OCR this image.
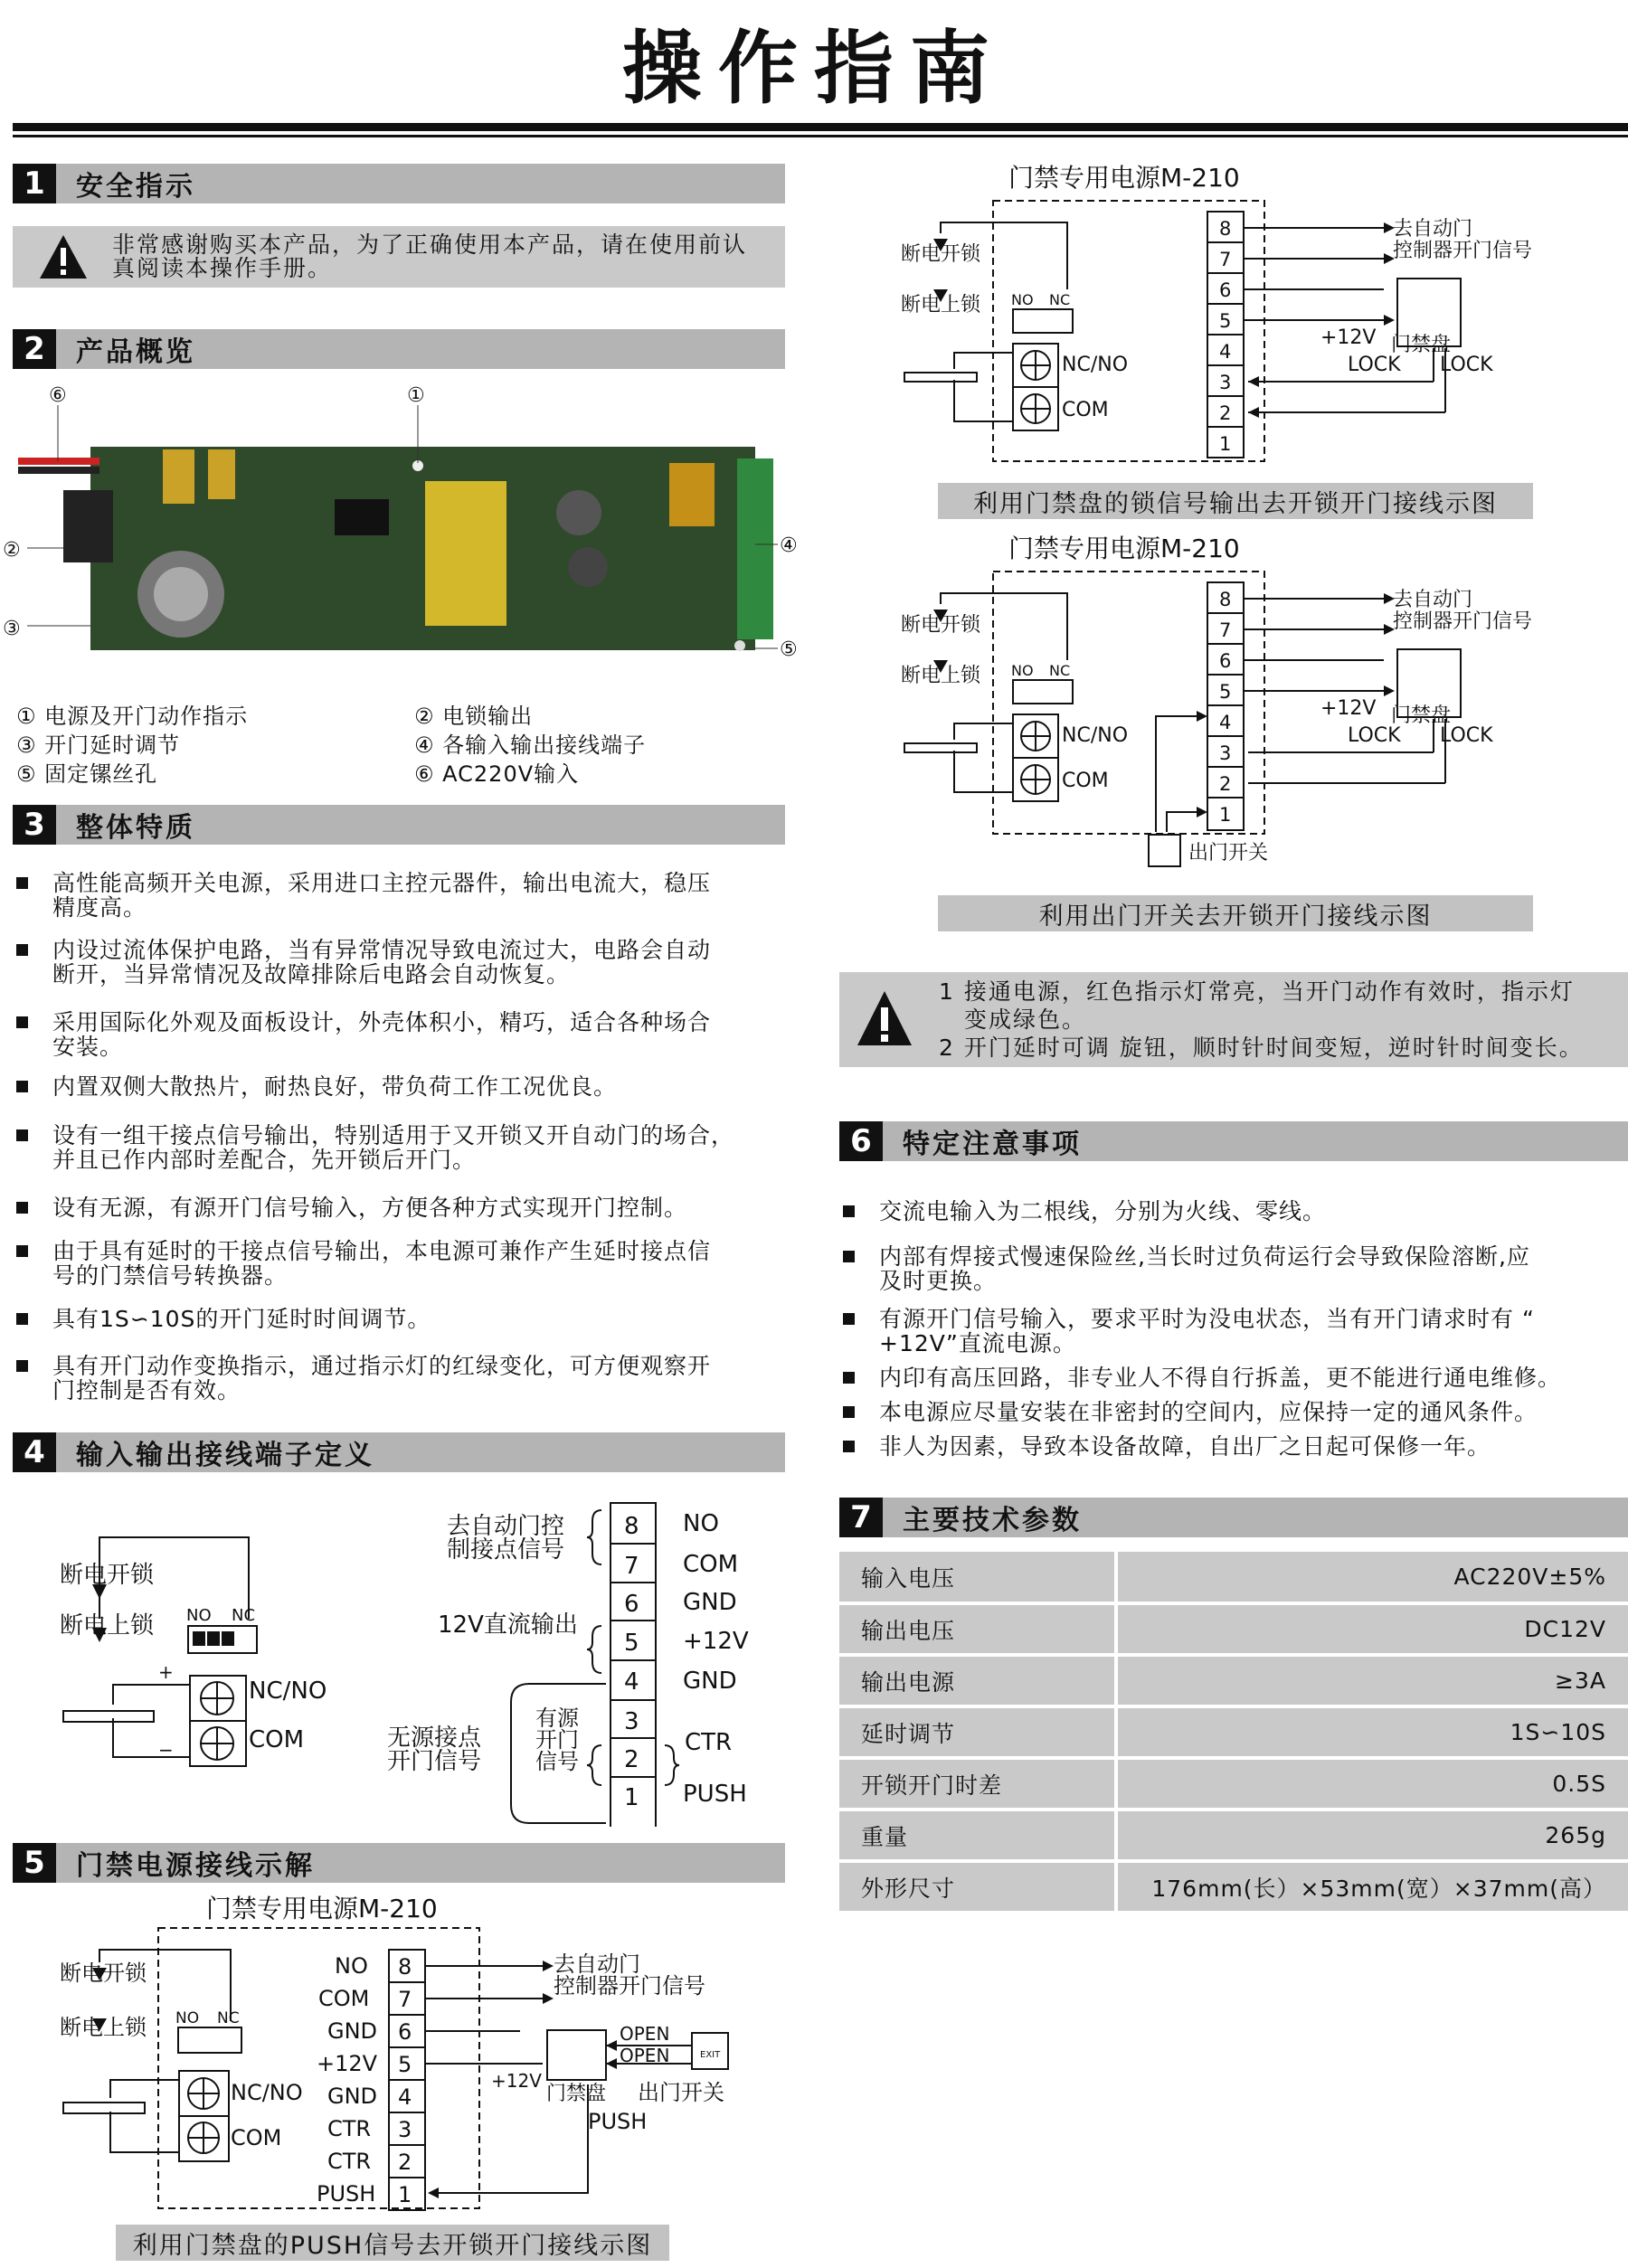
操作指南
1	安全指示
非常感谢购买本产品，为了正确使用本产品，请在使用前认
真阅读本操作手册。
2	产品概览
①
②
③
④
⑤
⑥
① 电源及开门动作指示	② 电锁输出
③ 开门延时调节	④ 各输入输出接线端子
⑤ 固定镙丝孔	⑥ AC220V输入
3	整体特质
高性能高频开关电源，采用进口主控元器件，输出电流大，稳压
精度高。
内设过流体保护电路，当有异常情况导致电流过大，电路会自动
断开，当异常情况及故障排除后电路会自动恢复。
采用国际化外观及面板设计，外壳体积小，精巧，适合各种场合
安装。
内置双侧大散热片，耐热良好，带负荷工作工况优良。
设有一组干接点信号输出，特别适用于又开锁又开自动门的场合，
并且已作内部时差配合，先开锁后开门。
设有无源，有源开门信号输入，方便各种方式实现开门控制。
由于具有延时的干接点信号输出，本电源可兼作产生延时接点信
号的门禁信号转换器。
具有1S∽10S的开门延时时间调节。
具有开门动作变换指示，通过指示灯的红绿变化，可方便观察开
门控制是否有效。
4	输入输出接线端子定义
断电开锁
断电上锁
NC/NO
COM
+
−
NO NC
8
7
6
5
4
3
2
1
NO
COM
GND
+12V
GND
CTR
PUSH
去自动门控
制接点信号
12V直流输出
无源接点
开门信号
有源
开门
信号
5	门禁电源接线示解
门禁专用电源M-210
断电开锁
断电上锁
NC/NO
COM
NO NC
NO
COM
GND
+12V
GND
CTR
CTR
PUSH
8
7
6
5
4
3
2
1
去自动门
控制器开门信号
OPEN
OPEN
+12V
门禁盘 出门开关
PUSH
EXIT
利用门禁盘的PUSH信号去开锁开门接线示图
门禁专用电源M-210
断电开锁
断电上锁
NC/NO
COM
NO NC
8
7
6
5
4
3
2
1
去自动门
控制器开门信号
+12V 门禁盘
LOCK LOCK
利用门禁盘的锁信号输出去开锁开门接线示图
门禁专用电源M-210
断电开锁
断电上锁
NC/NO
COM
NO NC
8
7
6
5
4
3
2
1
去自动门
控制器开门信号
+12V 门禁盘
LOCK LOCK
出门开关
利用出门开关去开锁开门接线示图
1 接通电源，红色指示灯常亮，当开门动作有效时，指示灯
变成绿色。
2 开门延时可调 旋钮，顺时针时间变短，逆时针时间变长。
6	特定注意事项
交流电输入为二根线，分别为火线、零线。
内部有焊接式慢速保险丝,当长时过负荷运行会导致保险溶断,应
及时更换。
有源开门信号输入，要求平时为没电状态，当有开门请求时有 “
+12V”直流电源。
内印有高压回路，非专业人不得自行拆盖，更不能进行通电维修。
本电源应尽量安装在非密封的空间内，应保持一定的通风条件。
非人为因素，导致本设备故障，自出厂之日起可保修一年。
7	主要技术参数
输入电压	AC220V±5%
输出电压	DC12V
输出电源	≥3A
延时调节	1S∽10S
开锁开门时差	0.5S
重量	265g
外形尺寸	176mm(长）×53mm(宽）×37mm(高）
